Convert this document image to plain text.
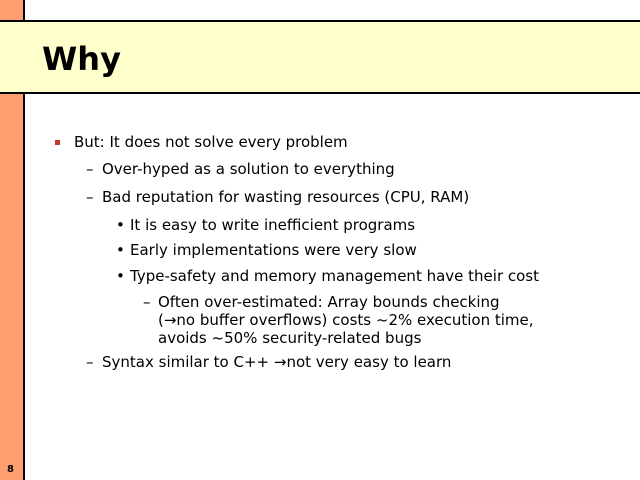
Why
But: It does not solve every problem
– Over-hyped as a solution to everything
– Bad reputation for wasting resources (CPU, RAM)
• It is easy to write inefficient programs
• Early implementations were very slow
• Type-safety and memory management have their cost
– Often over-estimated: Array bounds checking
(→no buffer overflows) costs ~2% execution time,
avoids ~50% security-related bugs
– Syntax similar to C++ →not very easy to learn
8
